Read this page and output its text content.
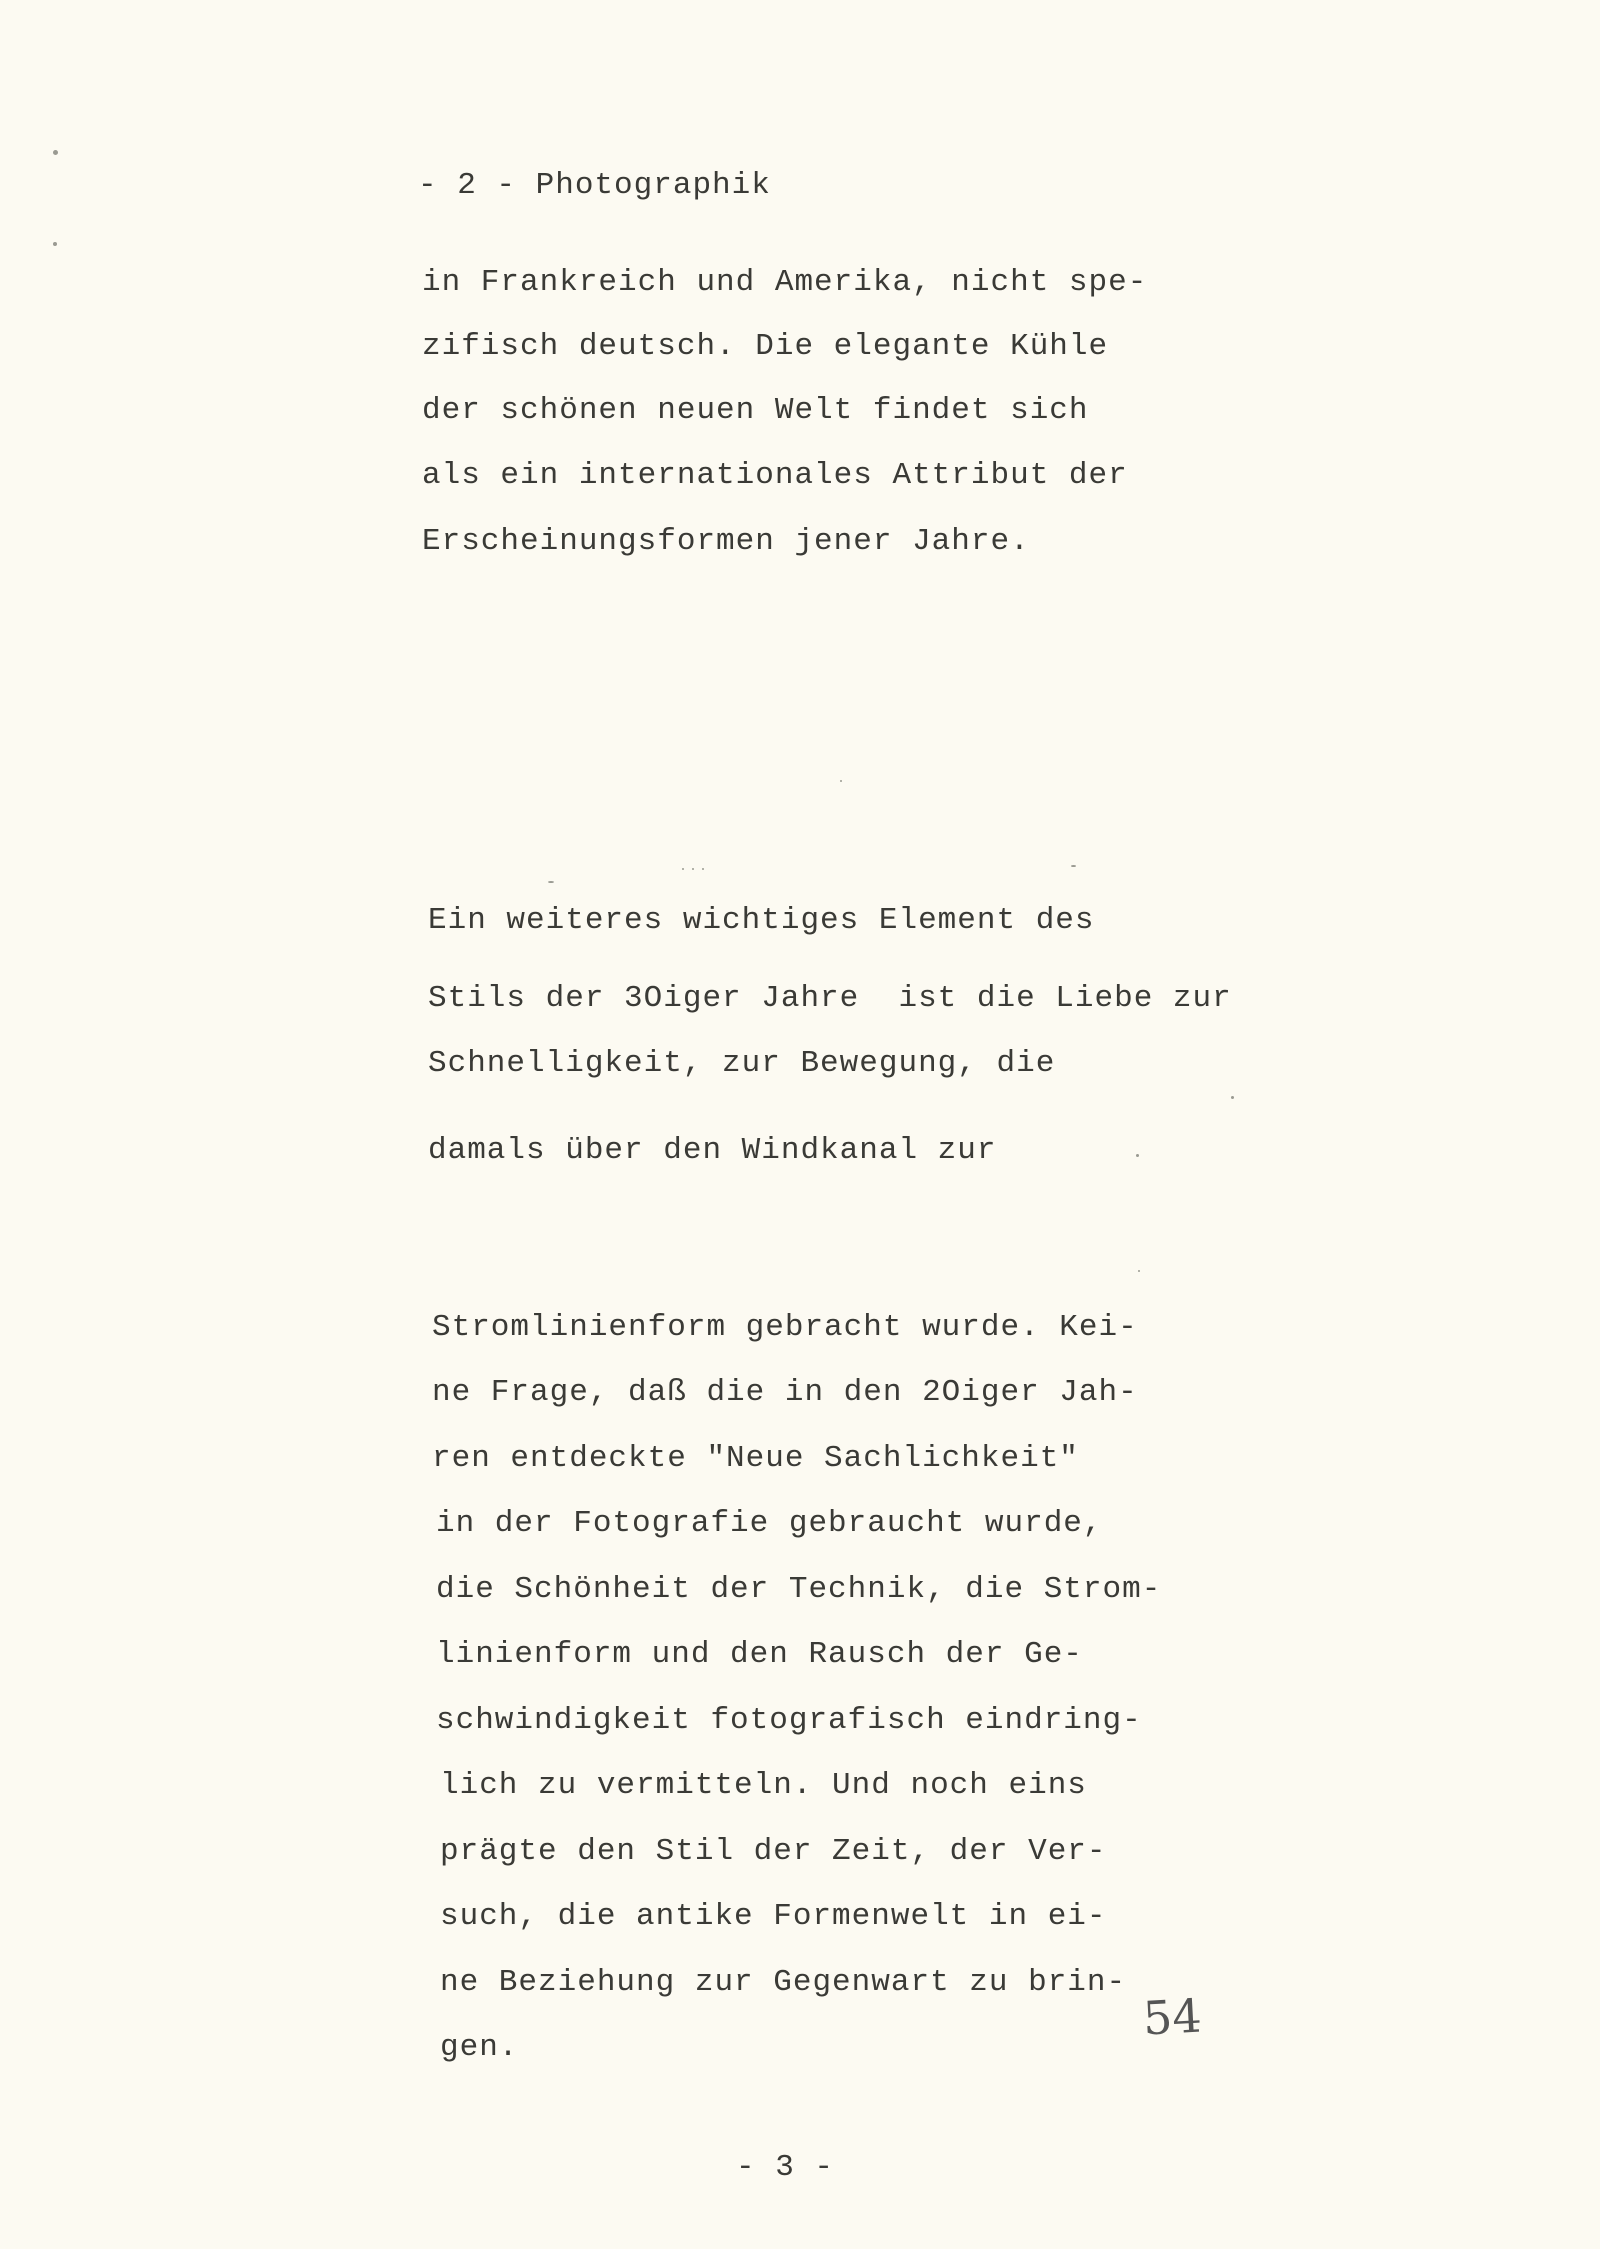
- 2 - Photographik
in Frankreich und Amerika, nicht spe-
zifisch deutsch. Die elegante Kühle
der schönen neuen Welt findet sich
als ein internationales Attribut der
Erscheinungsformen jener Jahre.
Ein weiteres wichtiges Element des
Stils der 3Oiger Jahre  ist die Liebe zur
Schnelligkeit, zur Bewegung, die
damals über den Windkanal zur
Stromlinienform gebracht wurde. Kei-
ne Frage, daß die in den 2Oiger Jah-
ren entdeckte "Neue Sachlichkeit"
in der Fotografie gebraucht wurde,
die Schönheit der Technik, die Strom-
linienform und den Rausch der Ge-
schwindigkeit fotografisch eindring-
lich zu vermitteln. Und noch eins
prägte den Stil der Zeit, der Ver-
such, die antike Formenwelt in ei-
ne Beziehung zur Gegenwart zu brin-
gen.
54
- 3 -
